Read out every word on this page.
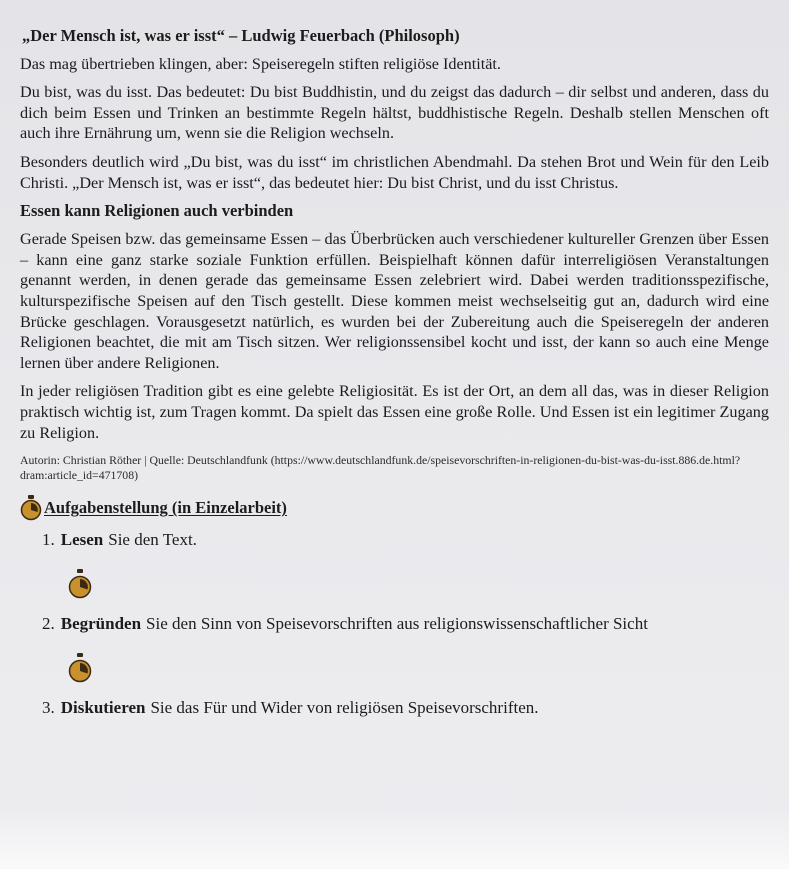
„Der Mensch ist, was er isst“ – Ludwig Feuerbach (Philosoph)

Das mag übertrieben klingen, aber: Speiseregeln stiften religiöse Identität.

Du bist, was du isst. Das bedeutet: Du bist Buddhistin, und du zeigst das dadurch – dir selbst und anderen, dass du dich beim Essen und Trinken an bestimmte Regeln hältst, buddhistische Regeln. Deshalb stellen Menschen oft auch ihre Ernährung um, wenn sie die Religion wechseln.

Besonders deutlich wird „Du bist, was du isst“ im christlichen Abendmahl. Da stehen Brot und Wein für den Leib Christi. „Der Mensch ist, was er isst“, das bedeutet hier: Du bist Christ, und du isst Christus.

Essen kann Religionen auch verbinden

Gerade Speisen bzw. das gemeinsame Essen – das Überbrücken auch verschiedener kultureller Grenzen über Essen – kann eine ganz starke soziale Funktion erfüllen. Beispielhaft können dafür interreligiösen Veranstaltungen genannt werden, in denen gerade das gemeinsame Essen zelebriert wird. Dabei werden traditionsspezifische, kulturspezifische Speisen auf den Tisch gestellt. Diese kommen meist wechselseitig gut an, dadurch wird eine Brücke geschlagen. Vorausgesetzt natürlich, es wurden bei der Zubereitung auch die Speiseregeln der anderen Religionen beachtet, die mit am Tisch sitzen. Wer religionssensibel kocht und isst, der kann so auch eine Menge lernen über andere Religionen.

In jeder religiösen Tradition gibt es eine gelebte Religiosität. Es ist der Ort, an dem all das, was in dieser Religion praktisch wichtig ist, zum Tragen kommt. Da spielt das Essen eine große Rolle. Und Essen ist ein legitimer Zugang zu Religion.

Autorin: Christian Röther | Quelle: Deutschlandfunk (https://www.deutschlandfunk.de/speisevorschriften-in-religionen-du-bist-was-du-isst.886.de.html?dram:article_id=471708)

Aufgabenstellung (in Einzelarbeit)
1. Lesen Sie den Text.
2. Begründen Sie den Sinn von Speisevorschriften aus religionswissenschaftlicher Sicht
3. Diskutieren Sie das Für und Wider von religiösen Speisevorschriften.
